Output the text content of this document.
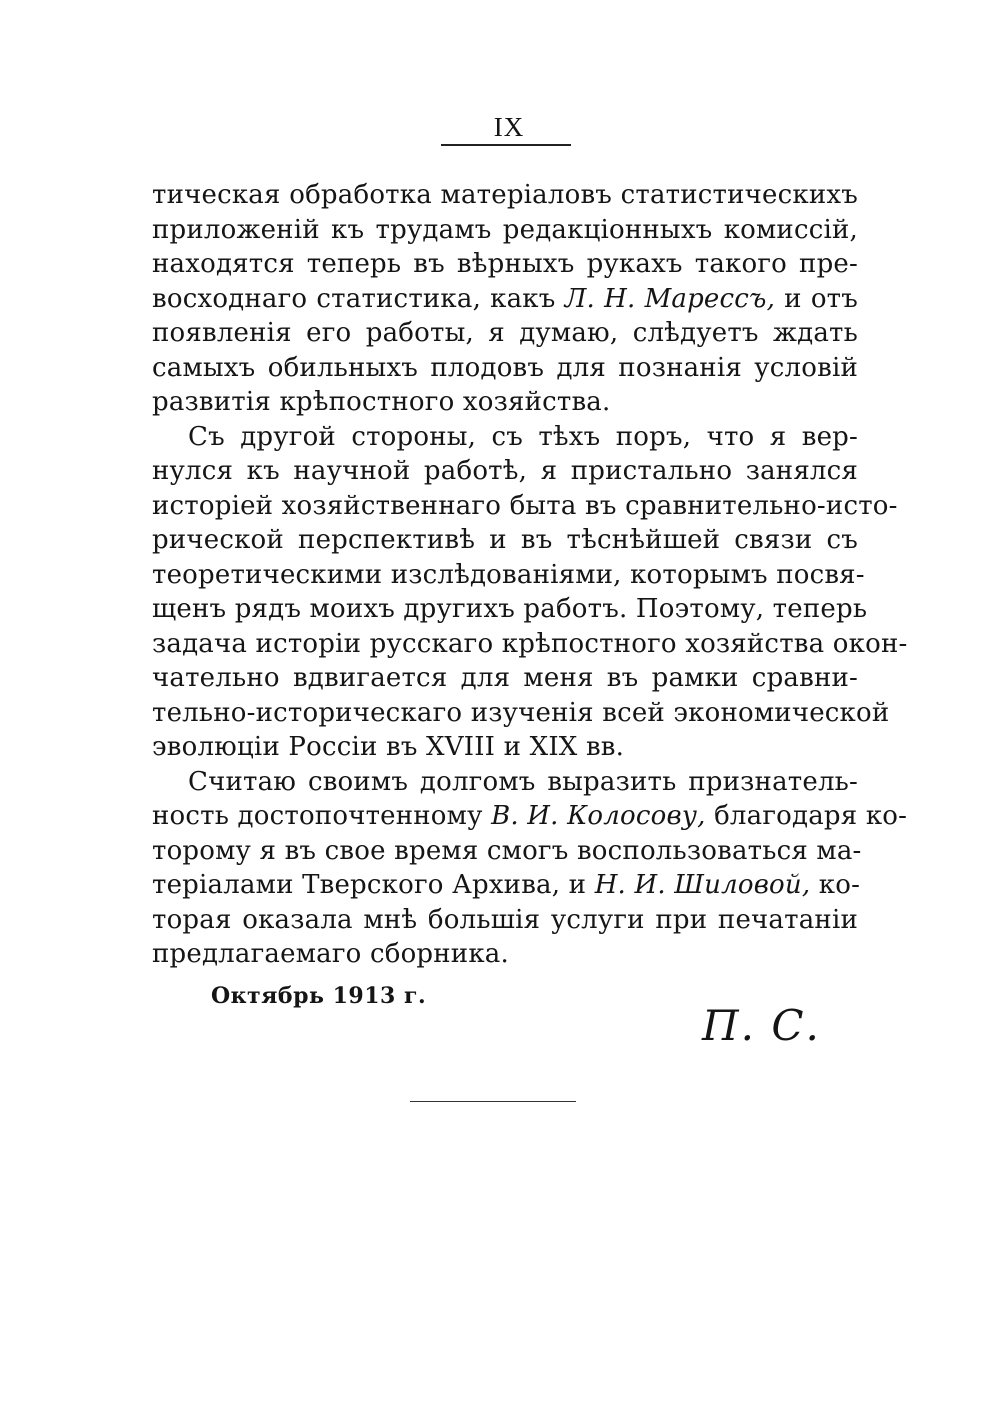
IX
тическая обработка матеріаловъ статистическихъ
приложеній къ трудамъ редакціонныхъ комиссій,
находятся теперь въ вѣрныхъ рукахъ такого пре-
восходнаго статистика, какъ Л. Н. Марессъ, и отъ
появленія его работы, я думаю, слѣдуетъ ждать
самыхъ обильныхъ плодовъ для познанія условій
развитія крѣпостного хозяйства.
Съ другой стороны, съ тѣхъ поръ, что я вер-
нулся къ научной работѣ, я пристально занялся
исторіей хозяйственнаго быта въ сравнительно-исто-
рической перспективѣ и въ тѣснѣйшей связи съ
теоретическими изслѣдованіями, которымъ посвя-
щенъ рядъ моихъ другихъ работъ. Поэтому, теперь
задача исторіи русскаго крѣпостного хозяйства окон-
чательно вдвигается для меня въ рамки сравни-
тельно-историческаго изученія всей экономической
эволюціи Россіи въ XVIII и XIX вв.
Считаю своимъ долгомъ выразить признатель-
ность достопочтенному В. И. Колосову, благодаря ко-
торому я въ свое время смогъ воспользоваться ма-
теріалами Тверского Архива, и Н. И. Шиловой, ко-
торая оказала мнѣ большія услуги при печатаніи
предлагаемаго сборника.
Октябрь 1913 г.
П. С.
